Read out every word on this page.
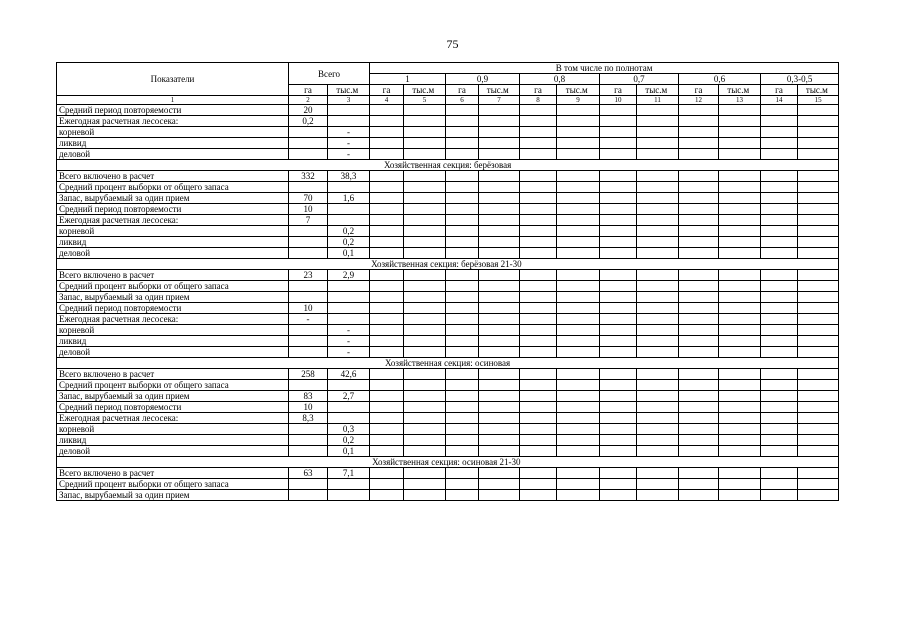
75
Показатели	Всего		В том числе по полнотам											
			1		0,9		0,8		0,7		0,6		0,3-0,5	
	га	$тыс.м^3$	га	$тыс.м^3$	га	$тыс.м^3$	га	$тыс.м^3$	га	$тыс.м^3$	га	$тыс.м^3$	га	$тыс.м^3$
1	2	3	4	5	6	7	8	9	10	11	12	13	14	15
Средний период повторяемости	20													
Ежегодная расчетная лесосека:	0,2													
корневой		-												
ликвид		-												
деловой		-												
Хозяйственная секция: берёзовая														
Всего включено в расчет	332	38,3												
Средний процент выборки от общего запаса														
Запас, вырубаемый за один прием	70	1,6												
Средний период повторяемости	10													
Ежегодная расчетная лесосека:	7													
корневой		0,2												
ликвид		0,2												
деловой		0,1												
Хозяйственная секция: берёзовая $21-30^0$
Всего включено в расчет	23	2,9												
Средний процент выборки от общего запаса														
Запас, вырубаемый за один прием														
Средний период повторяемости	10													
Ежегодная расчетная лесосека:	-													
корневой		-												
ликвид		-												
деловой		-												
Хозяйственная секция: осиновая														
Всего включено в расчет	258	42,6												
Средний процент выборки от общего запаса														
Запас, вырубаемый за один прием	83	2,7												
Средний период повторяемости	10													
Ежегодная расчетная лесосека:	8,3													
корневой		0,3												
ликвид		0,2												
деловой		0,1												
Хозяйственная секция: осиновая $21-30^0$
Всего включено в расчет	63	7,1												
Средний процент выборки от общего запаса														
Запас, вырубаемый за один прием														
